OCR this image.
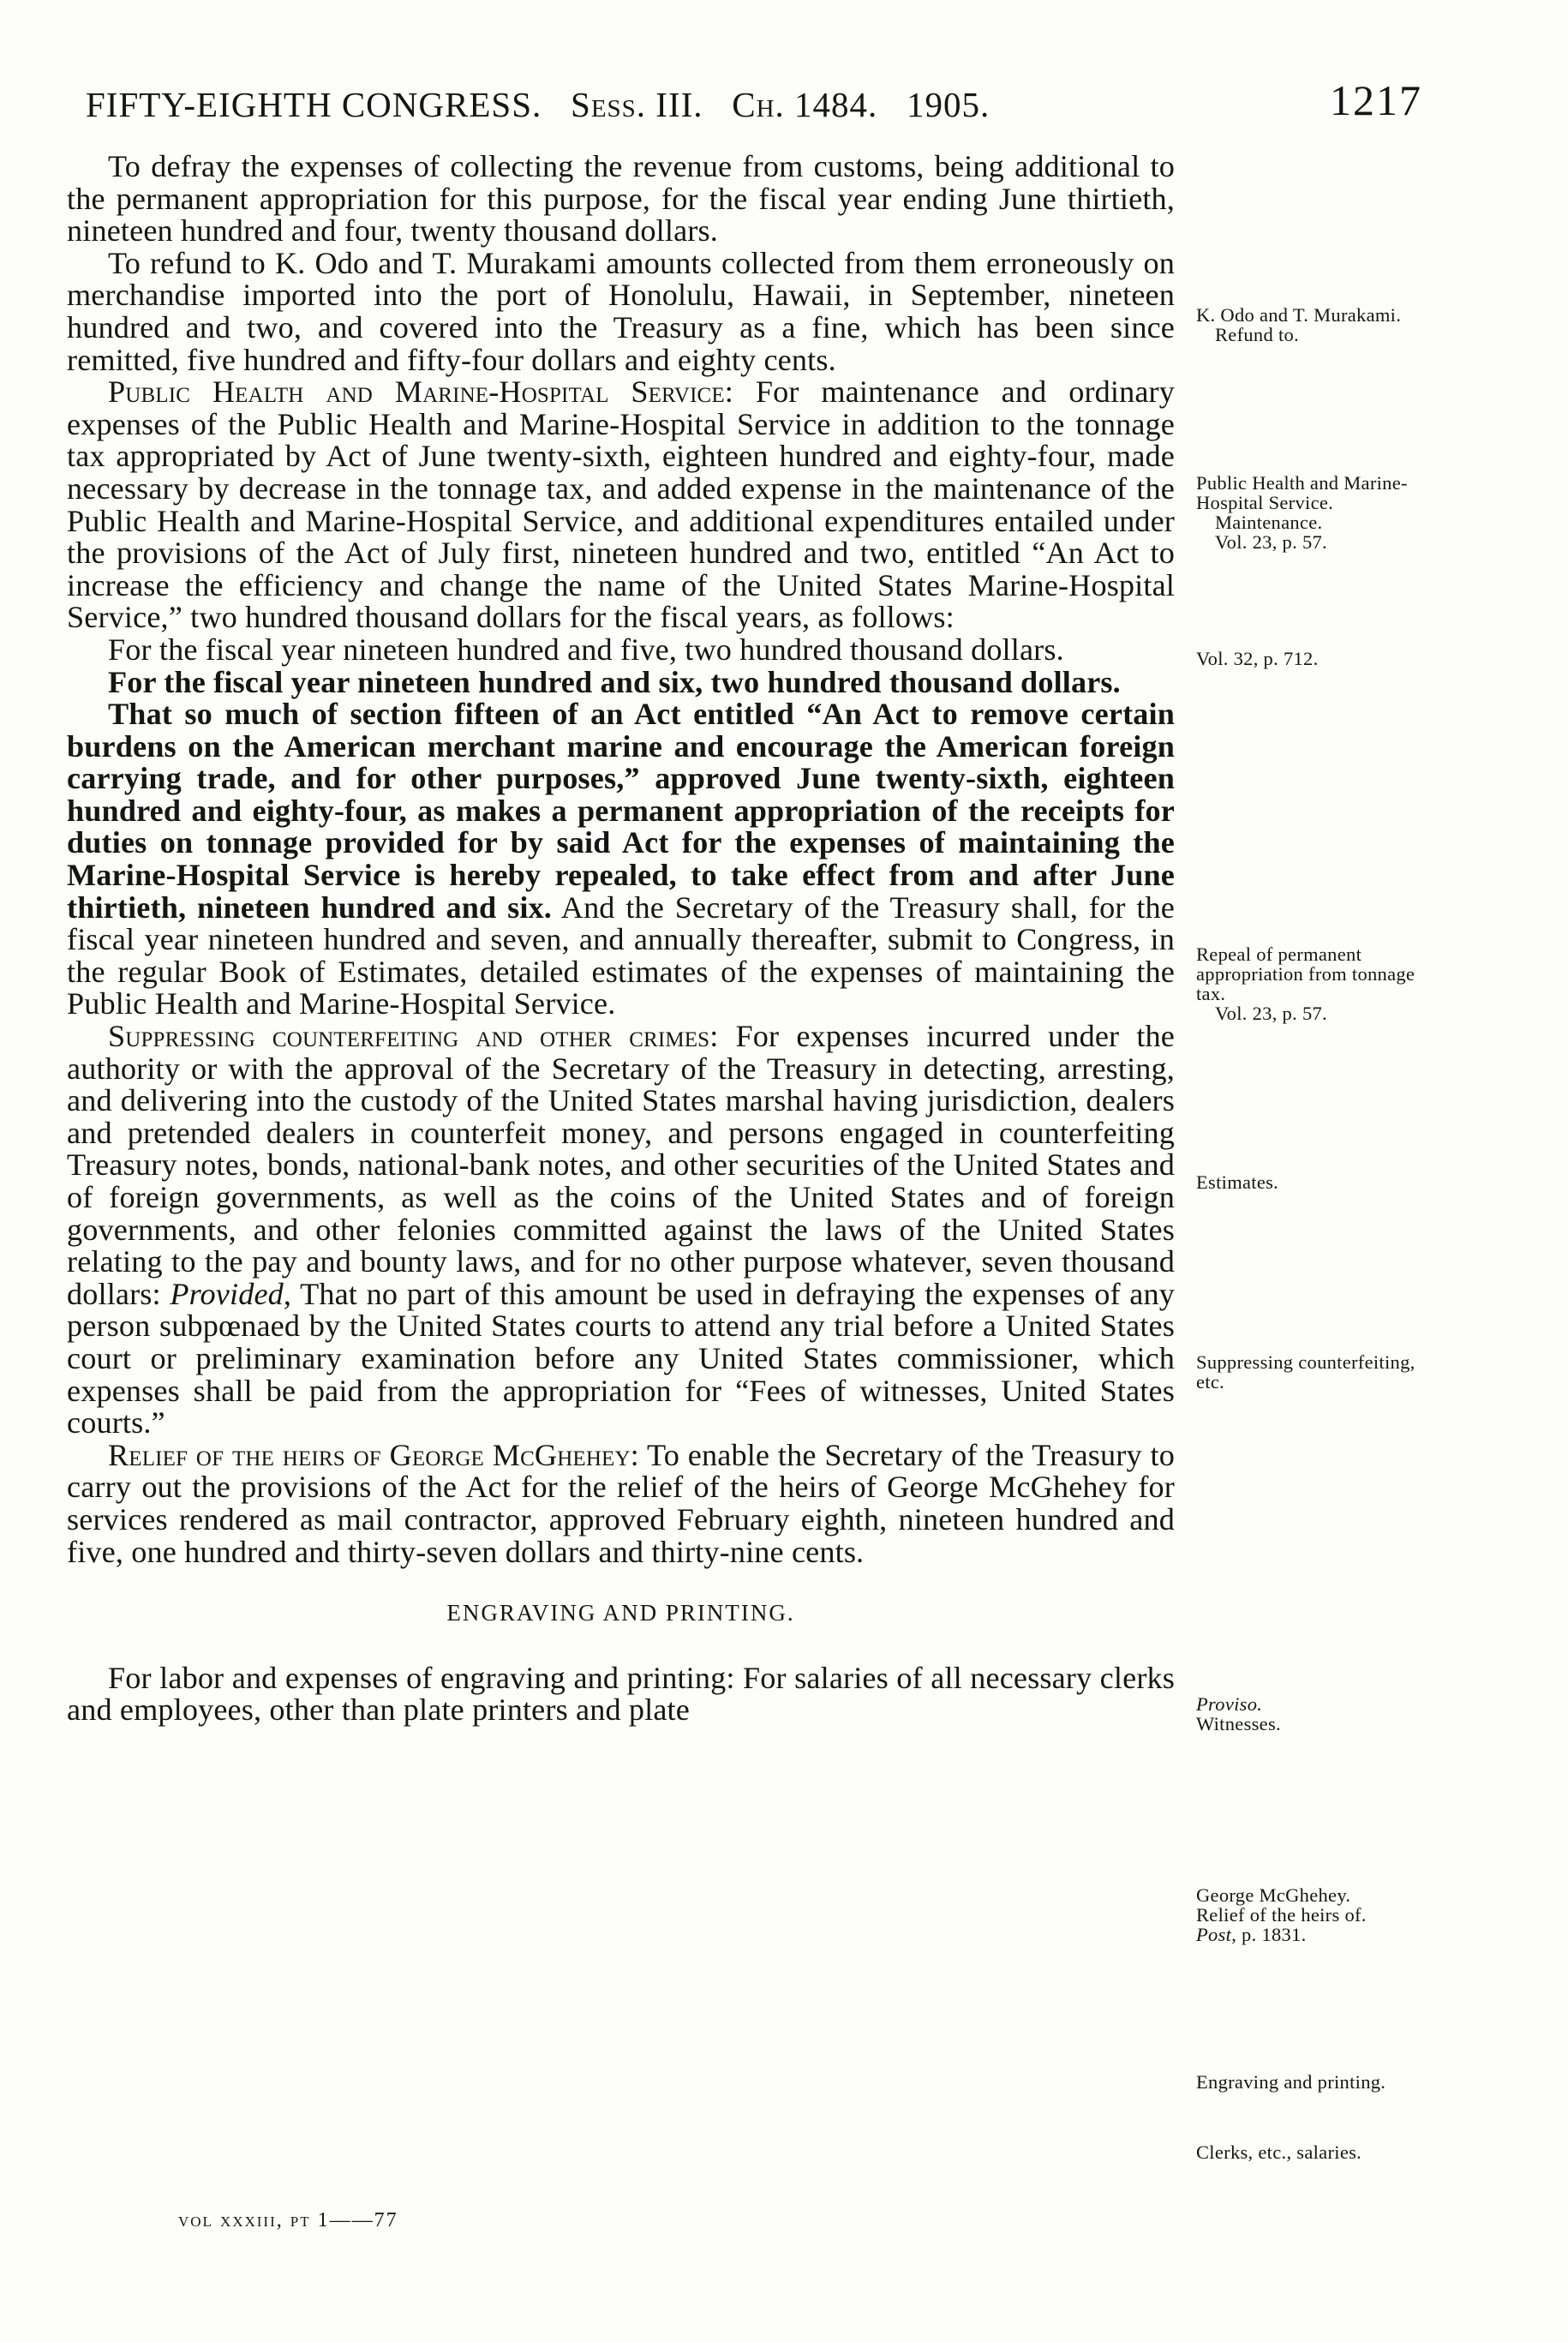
FIFTY-EIGHTH CONGRESS. Sess. III. Ch. 1484. 1905.	1217

To defray the expenses of collecting the revenue from customs, being additional to the permanent appropriation for this purpose, for the fiscal year ending June thirtieth, nineteen hundred and four, twenty thousand dollars.

To refund to K. Odo and T. Murakami amounts collected from them erroneously on merchandise imported into the port of Honolulu, Hawaii, in September, nineteen hundred and two, and covered into the Treasury as a fine, which has been since remitted, five hundred and fifty-four dollars and eighty cents.

Public Health and Marine-Hospital Service: For maintenance and ordinary expenses of the Public Health and Marine-Hospital Service in addition to the tonnage tax appropriated by Act of June twenty-sixth, eighteen hundred and eighty-four, made necessary by decrease in the tonnage tax, and added expense in the maintenance of the Public Health and Marine-Hospital Service, and additional expenditures entailed under the provisions of the Act of July first, nineteen hundred and two, entitled “An Act to increase the efficiency and change the name of the United States Marine-Hospital Service,” two hundred thousand dollars for the fiscal years, as follows:

For the fiscal year nineteen hundred and five, two hundred thousand dollars.

For the fiscal year nineteen hundred and six, two hundred thousand dollars.

That so much of section fifteen of an Act entitled “An Act to remove certain burdens on the American merchant marine and encourage the American foreign carrying trade, and for other purposes,” approved June twenty-sixth, eighteen hundred and eighty-four, as makes a permanent appropriation of the receipts for duties on tonnage provided for by said Act for the expenses of maintaining the Marine-Hospital Service is hereby repealed, to take effect from and after June thirtieth, nineteen hundred and six. And the Secretary of the Treasury shall, for the fiscal year nineteen hundred and seven, and annually thereafter, submit to Congress, in the regular Book of Estimates, detailed estimates of the expenses of maintaining the Public Health and Marine-Hospital Service.

Suppressing counterfeiting and other crimes: For expenses incurred under the authority or with the approval of the Secretary of the Treasury in detecting, arresting, and delivering into the custody of the United States marshal having jurisdiction, dealers and pretended dealers in counterfeit money, and persons engaged in counterfeiting Treasury notes, bonds, national-bank notes, and other securities of the United States and of foreign governments, as well as the coins of the United States and of foreign governments, and other felonies committed against the laws of the United States relating to the pay and bounty laws, and for no other purpose whatever, seven thousand dollars: Provided, That no part of this amount be used in defraying the expenses of any person subpœnaed by the United States courts to attend any trial before a United States court or preliminary examination before any United States commissioner, which expenses shall be paid from the appropriation for “Fees of witnesses, United States courts.”

Relief of the heirs of George McGhehey: To enable the Secretary of the Treasury to carry out the provisions of the Act for the relief of the heirs of George McGhehey for services rendered as mail contractor, approved February eighth, nineteen hundred and five, one hundred and thirty-seven dollars and thirty-nine cents.

ENGRAVING AND PRINTING.

For labor and expenses of engraving and printing: For salaries of all necessary clerks and employees, other than plate printers and plate

K. Odo and T. Murakami.
Refund to.
Public Health and Marine-Hospital Service.
Maintenance.
Vol. 23, p. 57.
Vol. 32, p. 712.
Repeal of permanent appropriation from tonnage tax.
Vol. 23, p. 57.
Estimates.
Suppressing counterfeiting, etc.
Proviso.
Witnesses.
George McGhehey.
Relief of the heirs of.
Post, p. 1831.
Engraving and printing.
Clerks, etc., salaries.
vol xxxiii, pt 1——77
